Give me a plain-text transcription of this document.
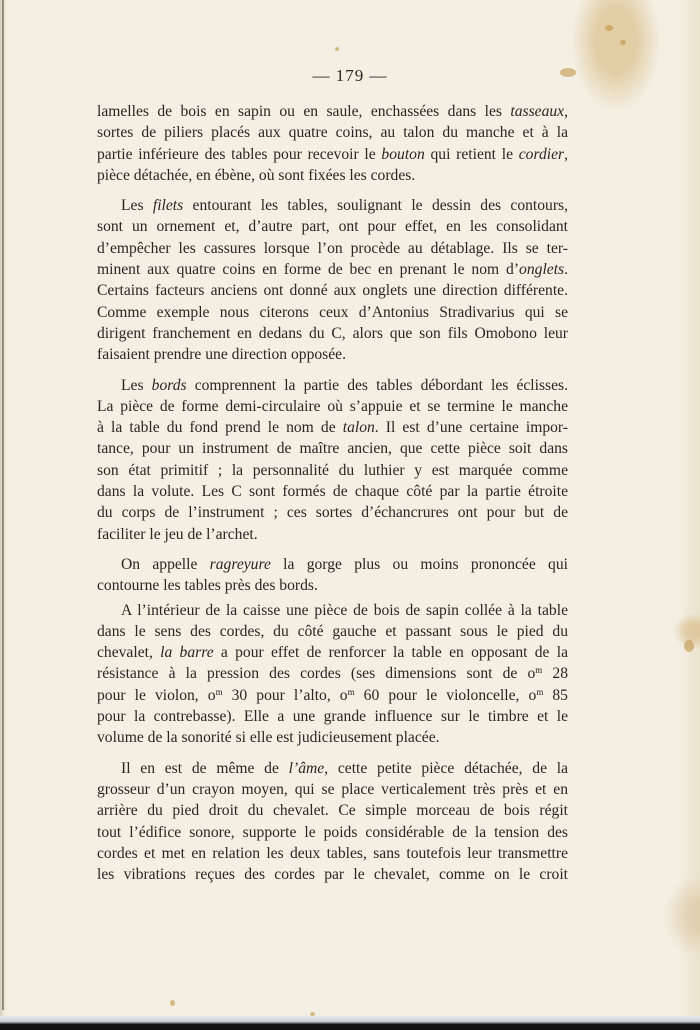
— 179 —
lamelles de bois en sapin ou en saule, enchassées dans les tasseaux,
sortes de piliers placés aux quatre coins, au talon du manche et à la
partie inférieure des tables pour recevoir le bouton qui retient le cordier,
pièce détachée, en ébène, où sont fixées les cordes.
Les filets entourant les tables, soulignant le dessin des contours,
sont un ornement et, d’autre part, ont pour effet, en les consolidant
d’empêcher les cassures lorsque l’on procède au détablage. Ils se ter-
minent aux quatre coins en forme de bec en prenant le nom d’onglets.
Certains facteurs anciens ont donné aux onglets une direction différente.
Comme exemple nous citerons ceux d’Antonius Stradivarius qui se
dirigent franchement en dedans du C, alors que son fils Omobono leur
faisaient prendre une direction opposée.
Les bords comprennent la partie des tables débordant les éclisses.
La pièce de forme demi-circulaire où s’appuie et se termine le manche
à la table du fond prend le nom de talon. Il est d’une certaine impor-
tance, pour un instrument de maître ancien, que cette pièce soit dans
son état primitif ; la personnalité du luthier y est marquée comme
dans la volute. Les C sont formés de chaque côté par la partie étroite
du corps de l’instrument ; ces sortes d’échancrures ont pour but de
faciliter le jeu de l’archet.
On appelle ragreyure la gorge plus ou moins prononcée qui
contourne les tables près des bords.
A l’intérieur de la caisse une pièce de bois de sapin collée à la table
dans le sens des cordes, du côté gauche et passant sous le pied du
chevalet, la barre a pour effet de renforcer la table en opposant de la
résistance à la pression des cordes (ses dimensions sont de $o^m$ 28
pour le violon, $o^m$ 30 pour l’alto, $o^m$ 60 pour le violoncelle, $o^m$ 85
pour la contrebasse). Elle a une grande influence sur le timbre et le
volume de la sonorité si elle est judicieusement placée.
Il en est de même de l’âme, cette petite pièce détachée, de la
grosseur d’un crayon moyen, qui se place verticalement très près et en
arrière du pied droit du chevalet. Ce simple morceau de bois régit
tout l’édifice sonore, supporte le poids considérable de la tension des
cordes et met en relation les deux tables, sans toutefois leur transmettre
les vibrations reçues des cordes par le chevalet, comme on le croit
